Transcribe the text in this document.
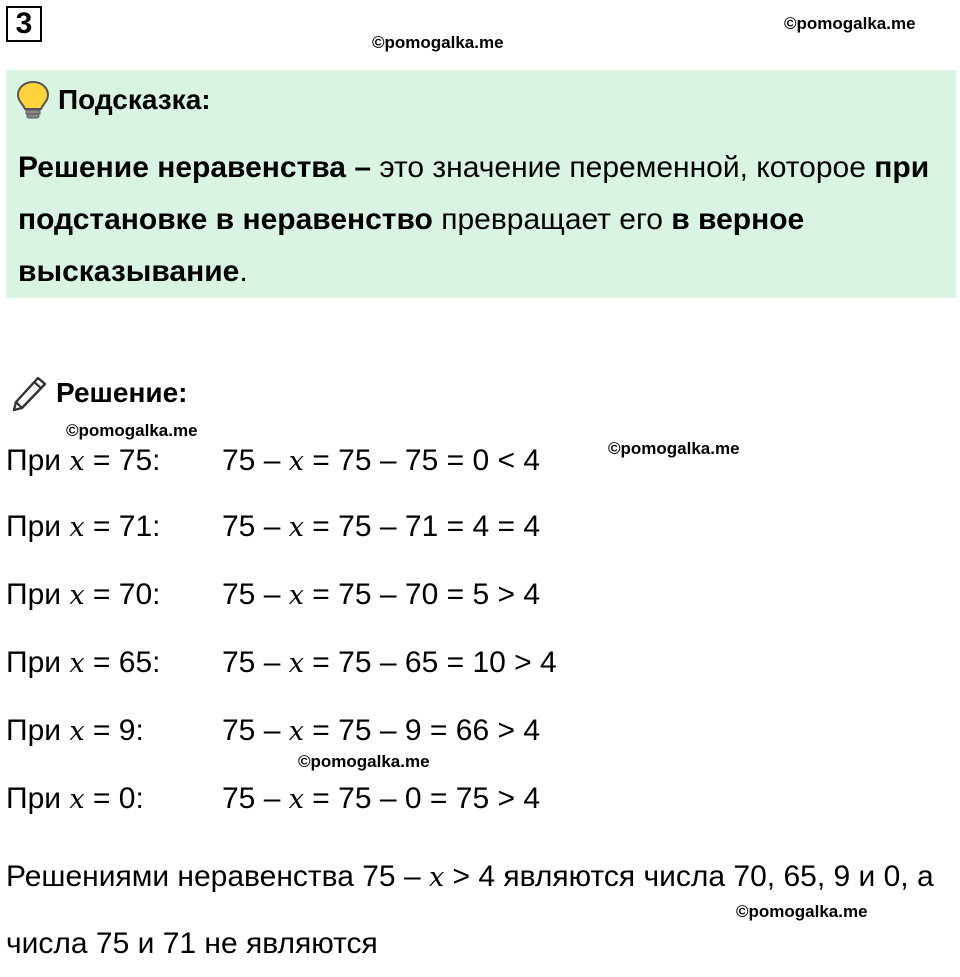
3	©pomogalka.me
©pomogalka.me
Подсказка:
Решение неравенства – это значение переменной, которое при подстановке в неравенство превращает его в верное высказывание.
Решение:
©pomogalka.me
©pomogalka.me
При 𝑥 = 75: 75 – 𝑥 = 75 – 75 = 0 < 4
При 𝑥 = 71: 75 – 𝑥 = 75 – 71 = 4 = 4
При 𝑥 = 70: 75 – 𝑥 = 75 – 70 = 5 > 4
При 𝑥 = 65: 75 – 𝑥 = 75 – 65 = 10 > 4
При 𝑥 = 9:	75 – 𝑥 = 75 – 9 = 66 > 4
©pomogalka.me
При 𝑥 = 0:	75 – 𝑥 = 75 – 0 = 75 > 4
Решениями неравенства 75 – 𝑥 > 4 являются числа 70, 65, 9 и 0, а числа 75 и 71 не являются
©pomogalka.me
